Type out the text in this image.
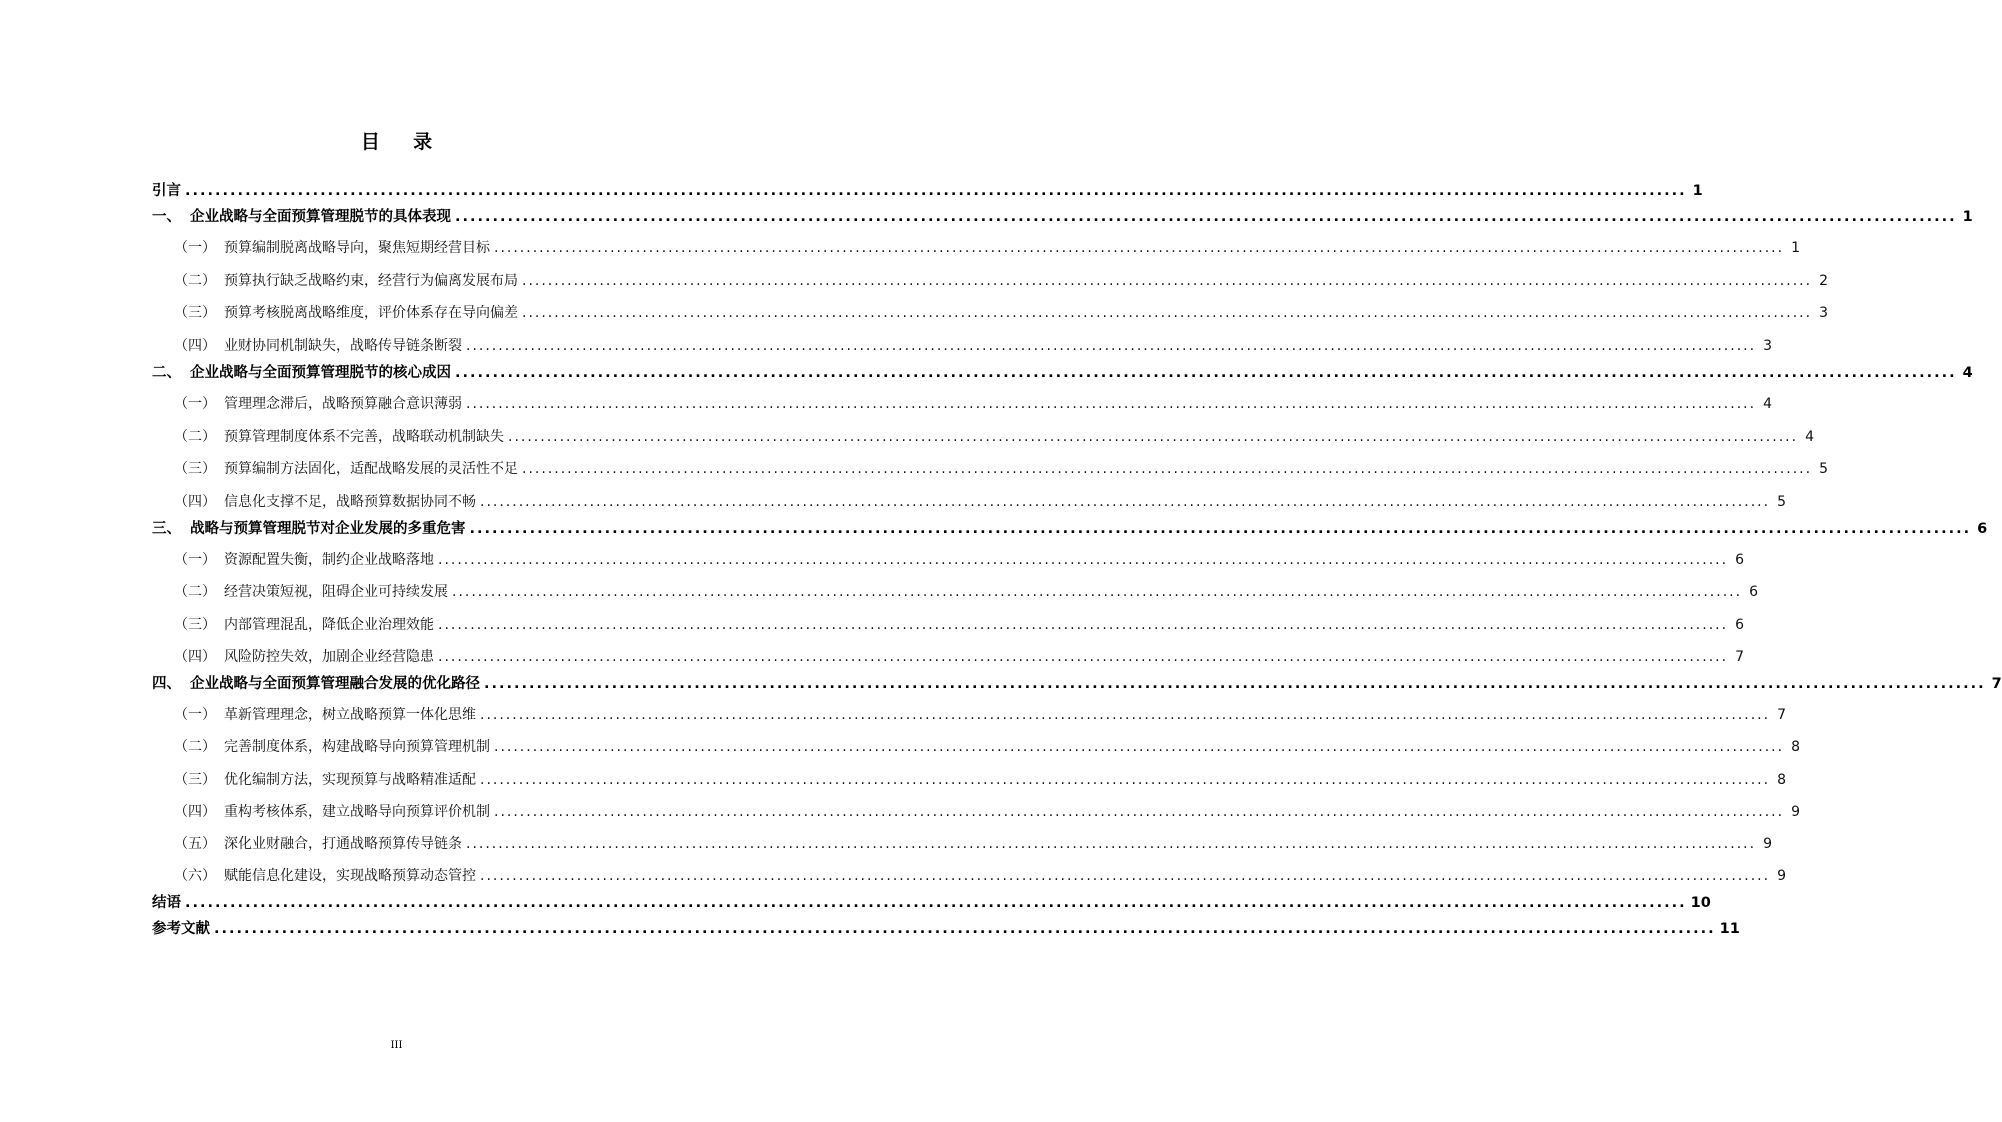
目 录
引言 ........................................................................................................................................................................................................ 1
一、 企业战略与全面预算管理脱节的具体表现 ........................................................................................................................................................................................................ 1
（一） 预算编制脱离战略导向，聚焦短期经营目标 ........................................................................................................................................................................................................ 1
（二） 预算执行缺乏战略约束，经营行为偏离发展布局 ........................................................................................................................................................................................................ 2
（三） 预算考核脱离战略维度，评价体系存在导向偏差 ........................................................................................................................................................................................................ 3
（四） 业财协同机制缺失，战略传导链条断裂 ........................................................................................................................................................................................................ 3
二、 企业战略与全面预算管理脱节的核心成因 ........................................................................................................................................................................................................ 4
（一） 管理理念滞后，战略预算融合意识薄弱 ........................................................................................................................................................................................................ 4
（二） 预算管理制度体系不完善，战略联动机制缺失 ........................................................................................................................................................................................................ 4
（三） 预算编制方法固化，适配战略发展的灵活性不足 ........................................................................................................................................................................................................ 5
（四） 信息化支撑不足，战略预算数据协同不畅 ........................................................................................................................................................................................................ 5
三、 战略与预算管理脱节对企业发展的多重危害 ........................................................................................................................................................................................................ 6
（一） 资源配置失衡，制约企业战略落地 ........................................................................................................................................................................................................ 6
（二） 经营决策短视，阻碍企业可持续发展 ........................................................................................................................................................................................................ 6
（三） 内部管理混乱，降低企业治理效能 ........................................................................................................................................................................................................ 6
（四） 风险防控失效，加剧企业经营隐患 ........................................................................................................................................................................................................ 7
四、 企业战略与全面预算管理融合发展的优化路径 ........................................................................................................................................................................................................ 7
（一） 革新管理理念，树立战略预算一体化思维 ........................................................................................................................................................................................................ 7
（二） 完善制度体系，构建战略导向预算管理机制 ........................................................................................................................................................................................................ 8
（三） 优化编制方法，实现预算与战略精准适配 ........................................................................................................................................................................................................ 8
（四） 重构考核体系，建立战略导向预算评价机制 ........................................................................................................................................................................................................ 9
（五） 深化业财融合，打通战略预算传导链条 ........................................................................................................................................................................................................ 9
（六） 赋能信息化建设，实现战略预算动态管控 ........................................................................................................................................................................................................ 9
结语 ........................................................................................................................................................................................................ 10
参考文献 ........................................................................................................................................................................................................ 11
III
